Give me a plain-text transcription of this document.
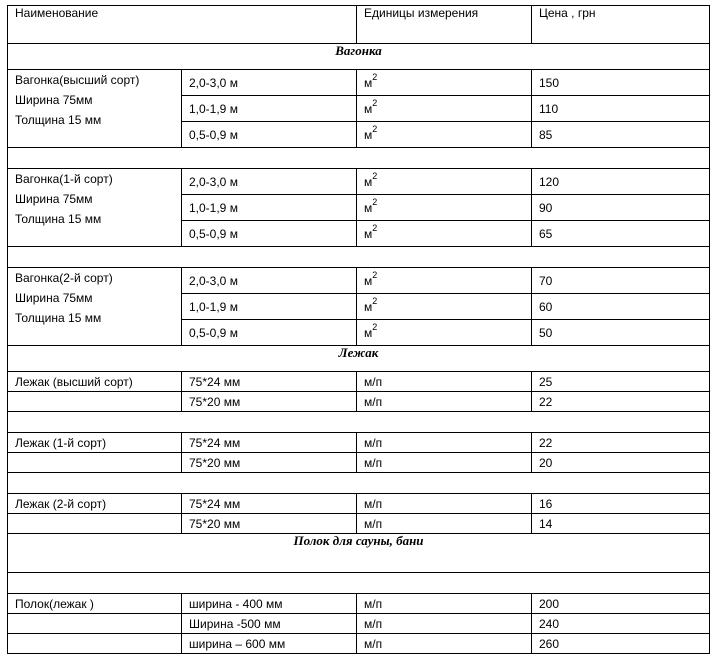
Наименование		Единицы измерения	Цена , грн
Вагонка			

Вагонка(высший сорт)
Ширина 75мм
Толщина 15 мм	2,0-3,0 м	$м^2$	150
	1,0-1,9 м	$м^2$	110
	0,5-0,9 м	$м^2$	85

Вагонка(1-й сорт)
Ширина 75мм
Толщина 15 мм	2,0-3,0 м	$м^2$	120
	1,0-1,9 м	$м^2$	90
	0,5-0,9 м	$м^2$	65

Вагонка(2-й сорт)
Ширина 75мм
Толщина 15 мм	2,0-3,0 м	$м^2$	70
	1,0-1,9 м	$м^2$	60
	0,5-0,9 м	$м^2$	50
Лежак			
Лежак (высший сорт)	75*24 мм	м/п	25
	75*20 мм	м/п	22

Лежак (1-й сорт)	75*24 мм	м/п	22
	75*20 мм	м/п	20

Лежак (2-й сорт)	75*24 мм	м/п	16
	75*20 мм	м/п	14
Полок для сауны, бани			

Полок(лежак )	ширина - 400 мм	м/п	200
	Ширина -500 мм	м/п	240
	ширина – 600 мм	м/п	260
